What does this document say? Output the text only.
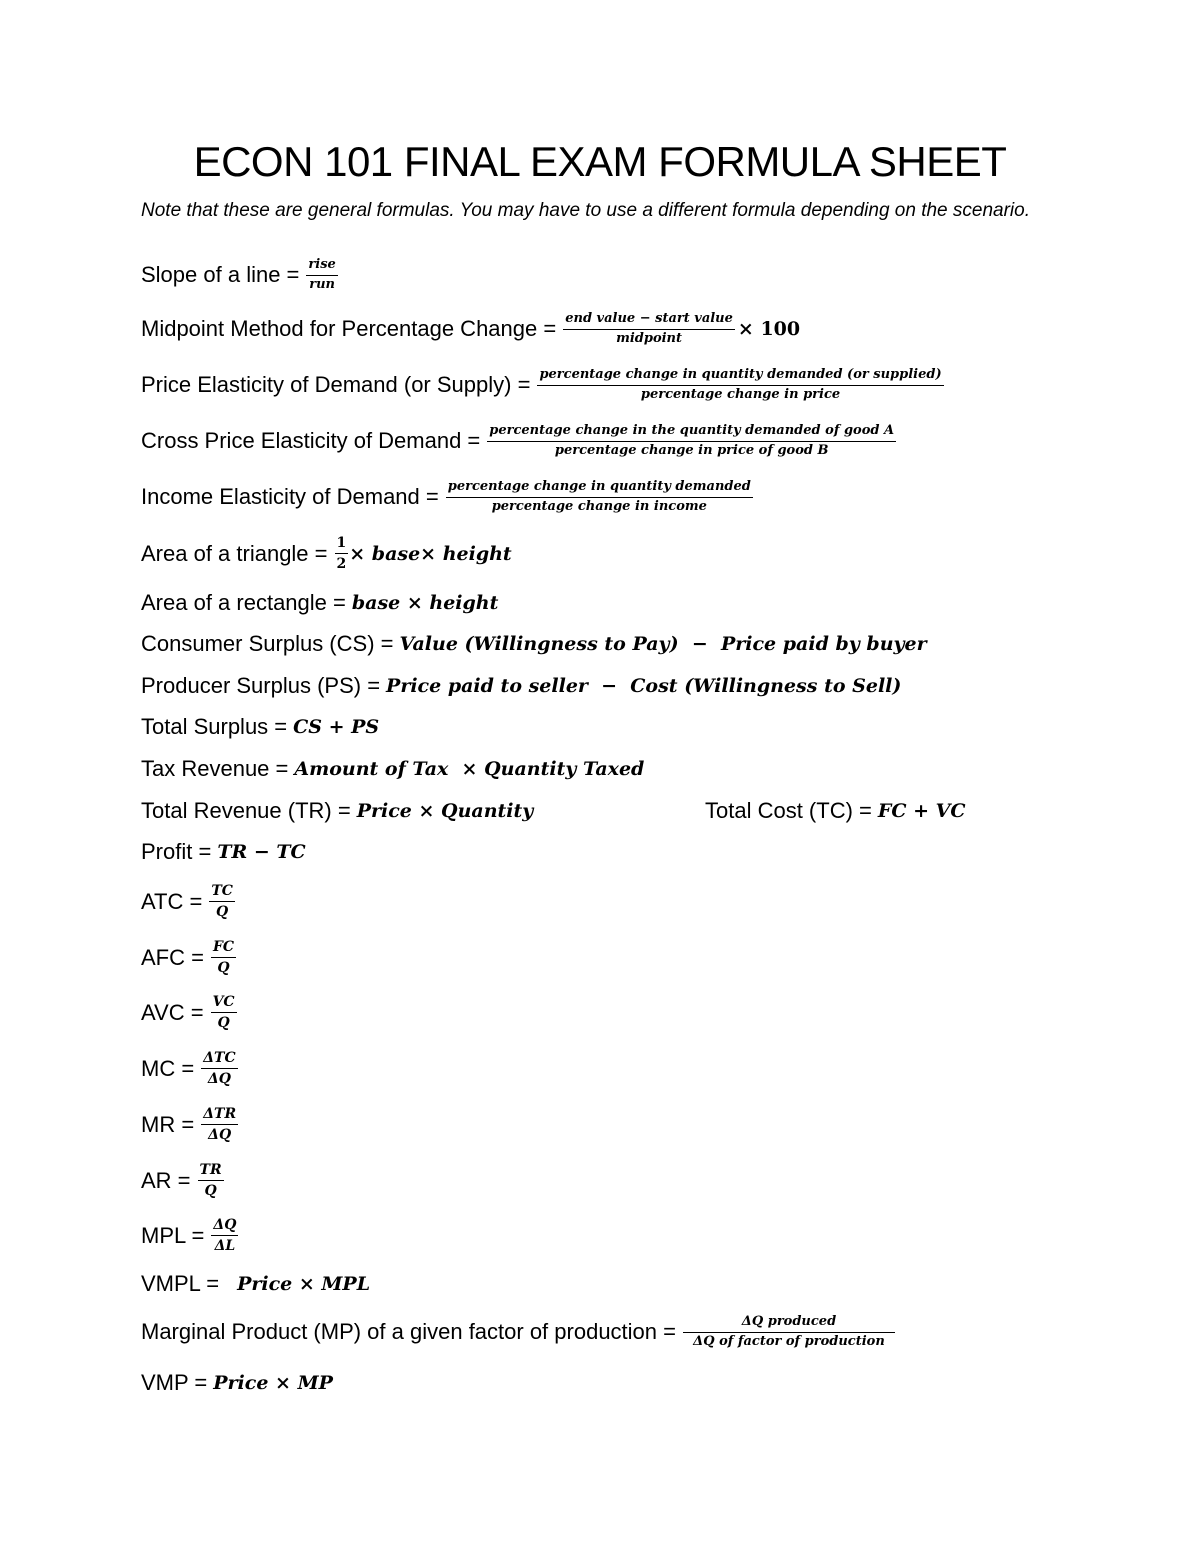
ECON 101 FINAL EXAM FORMULA SHEET
Note that these are general formulas. You may have to use a different formula depending on the scenario.
Slope of a line = $\frac{\text{rise}}{\text{run}}$
Midpoint Method for Percentage Change = $\frac{\text{end value − start value}}{\text{midpoint}} \times 100$
Price Elasticity of Demand (or Supply) = $\frac{\text{percentage change in quantity demanded (or supplied)}}{\text{percentage change in price}}$
Cross Price Elasticity of Demand = $\frac{\text{percentage change in the quantity demanded of good A}}{\text{percentage change in price of good B}}$
Income Elasticity of Demand = $\frac{\text{percentage change in quantity demanded}}{\text{percentage change in income}}$
Area of a triangle = $\frac{1}{2}$ × base× height
Area of a rectangle = base × height
Consumer Surplus (CS) = Value (Willingness to Pay)  −  Price paid by buyer
Producer Surplus (PS) = Price paid to seller  −  Cost (Willingness to Sell)
Total Surplus = CS + PS
Tax Revenue = Amount of Tax  × Quantity Taxed
Total Revenue (TR) = Price × Quantity	Total Cost (TC) = FC + VC
Profit = TR − TC
ATC = $\frac{TC}{Q}$
AFC = $\frac{FC}{Q}$
AVC = $\frac{VC}{Q}$
MC = $\frac{\text{ΔTC}}{\Delta Q}$
MR = $\frac{\text{ΔTR}}{\Delta Q}$
AR = $\frac{TR}{Q}$
MPL = $\frac{\Delta Q}{\Delta L}$
VMPL = Price × MPL
Marginal Product (MP) of a given factor of production = $\frac{\text{ΔQ produced}}{\text{ΔQ of factor of production}}$
VMP = Price × MP
